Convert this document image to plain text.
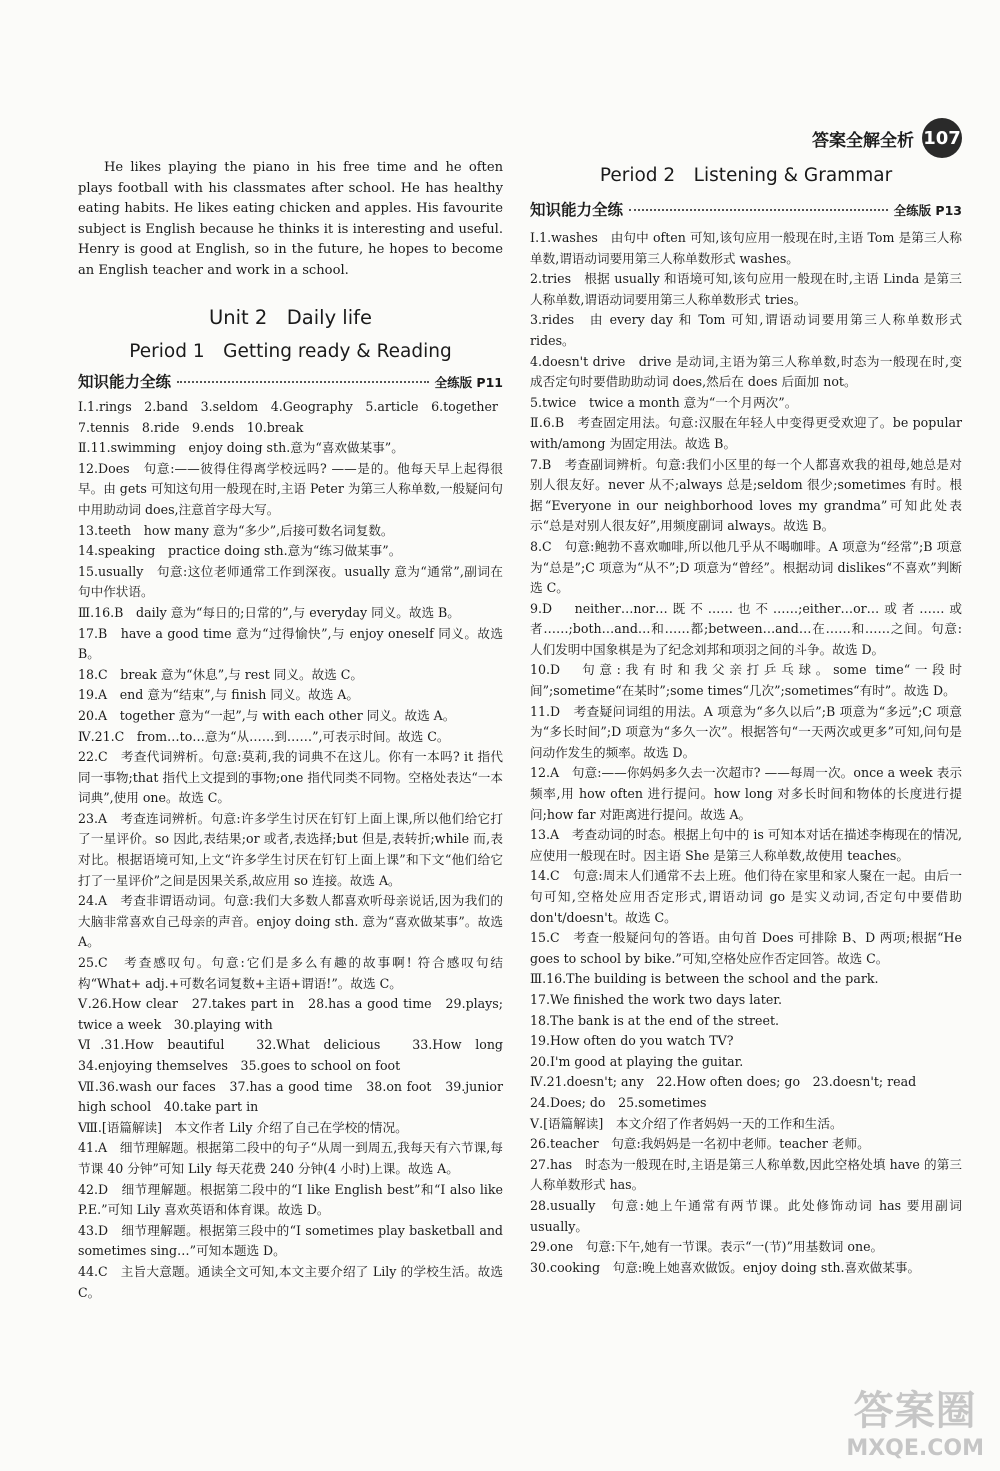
答案全解全析 107

He likes playing the piano in his free time and he often plays football with his classmates after school. He has healthy eating habits. He likes eating chicken and apples. His favourite subject is English because he thinks it is interesting and useful. Henry is good at English, so in the future, he hopes to become an English teacher and work in a school.

Unit 2　Daily life

Period 1　Getting ready & Reading

知识能力全练	全练版 P11

Ⅰ.1.rings　2.band　3.seldom　4.Geography　5.article　6.together

7.tennis　8.ride　9.ends　10.break

Ⅱ.11.swimming　enjoy doing sth.意为“喜欢做某事”。

12.Does　句意:——彼得住得离学校远吗? ——是的。他每天早上起得很早。由 gets 可知这句用一般现在时,主语 Peter 为第三人称单数,一般疑问句中用助动词 does,注意首字母大写。

13.teeth　how many 意为“多少”,后接可数名词复数。

14.speaking　practice doing sth.意为“练习做某事”。

15.usually　句意:这位老师通常工作到深夜。usually 意为“通常”,副词在句中作状语。

Ⅲ.16.B　daily 意为“每日的;日常的”,与 everyday 同义。故选 B。

17.B　have a good time 意为“过得愉快”,与 enjoy oneself 同义。故选 B。

18.C　break 意为“休息”,与 rest 同义。故选 C。

19.A　end 意为“结束”,与 finish 同义。故选 A。

20.A　together 意为“一起”,与 with each other 同义。故选 A。

Ⅳ.21.C　from…to…意为“从……到……”,可表示时间。故选 C。

22.C　考查代词辨析。句意:莫莉,我的词典不在这儿。你有一本吗? it 指代同一事物;that 指代上文提到的事物;one 指代同类不同物。空格处表达“一本词典”,使用 one。故选 C。

23.A　考查连词辨析。句意:许多学生讨厌在钉钉上面上课,所以他们给它打了一星评价。so 因此,表结果;or 或者,表选择;but 但是,表转折;while 而,表对比。根据语境可知,上文“许多学生讨厌在钉钉上面上课”和下文“他们给它打了一星评价”之间是因果关系,故应用 so 连接。故选 A。

24.A　考查非谓语动词。句意:我们大多数人都喜欢听母亲说话,因为我们的大脑非常喜欢自己母亲的声音。enjoy doing sth. 意为“喜欢做某事”。故选 A。

25.C　考查感叹句。句意:它们是多么有趣的故事啊! 符合感叹句结构“What+ adj.+可数名词复数+主语+谓语!”。故选 C。

Ⅴ.26.How clear　27.takes part in　28.has a good time　29.plays; twice a week　30.playing with

Ⅵ.31.How beautiful　32.What delicious　33.How long　34.enjoying themselves　35.goes to school on foot

Ⅶ.36.wash our faces　37.has a good time　38.on foot　39.junior high school　40.take part in

Ⅷ.[语篇解读]　本文作者 Lily 介绍了自己在学校的情况。

41.A　细节理解题。根据第二段中的句子“从周一到周五,我每天有六节课,每节课 40 分钟”可知 Lily 每天花费 240 分钟(4 小时)上课。故选 A。

42.D　细节理解题。根据第二段中的“I like English best”和“I also like P.E.”可知 Lily 喜欢英语和体育课。故选 D。

43.D　细节理解题。根据第三段中的“I sometimes play basketball and sometimes sing…”可知本题选 D。

44.C　主旨大意题。通读全文可知,本文主要介绍了 Lily 的学校生活。故选 C。

Period 2　Listening & Grammar

知识能力全练	全练版 P13

Ⅰ.1.washes　由句中 often 可知,该句应用一般现在时,主语 Tom 是第三人称单数,谓语动词要用第三人称单数形式 washes。

2.tries　根据 usually 和语境可知,该句应用一般现在时,主语 Linda 是第三人称单数,谓语动词要用第三人称单数形式 tries。

3.rides　由 every day 和 Tom 可知,谓语动词要用第三人称单数形式 rides。

4.doesn't drive　drive 是动词,主语为第三人称单数,时态为一般现在时,变成否定句时要借助助动词 does,然后在 does 后面加 not。

5.twice　twice a month 意为“一个月两次”。

Ⅱ.6.B　考查固定用法。句意:汉服在年轻人中变得更受欢迎了。be popular with/among 为固定用法。故选 B。

7.B　考查副词辨析。句意:我们小区里的每一个人都喜欢我的祖母,她总是对别人很友好。never 从不;always 总是;seldom 很少;sometimes 有时。根据“Everyone in our neighborhood loves my grandma”可知此处表示“总是对别人很友好”,用频度副词 always。故选 B。

8.C　句意:鲍勃不喜欢咖啡,所以他几乎从不喝咖啡。A 项意为“经常”;B 项意为“总是”;C 项意为“从不”;D 项意为“曾经”。根据动词 dislikes“不喜欢”判断选 C。

9.D　neither…nor…既不……也不……;either…or…或者……或者……;both…and…和……都;between…and…在……和……之间。句意:人们发明中国象棋是为了纪念刘邦和项羽之间的斗争。故选 D。

10.D　句意:我有时和我父亲打乒乓球。some time“一段时间”;sometime“在某时”;some times“几次”;sometimes“有时”。故选 D。

11.D　考查疑问词组的用法。A 项意为“多久以后”;B 项意为“多远”;C 项意为“多长时间”;D 项意为“多久一次”。根据答句“一天两次或更多”可知,问句是问动作发生的频率。故选 D。

12.A　句意:——你妈妈多久去一次超市? ——每周一次。once a week 表示频率,用 how often 进行提问。how long 对多长时间和物体的长度进行提问;how far 对距离进行提问。故选 A。

13.A　考查动词的时态。根据上句中的 is 可知本对话在描述李梅现在的情况,应使用一般现在时。因主语 She 是第三人称单数,故使用 teaches。

14.C　句意:周末人们通常不去上班。他们待在家里和家人聚在一起。由后一句可知,空格处应用否定形式,谓语动词 go 是实义动词,否定句中要借助 don't/doesn't。故选 C。

15.C　考查一般疑问句的答语。由句首 Does 可排除 B、D 两项;根据“He goes to school by bike.”可知,空格处应作否定回答。故选 C。

Ⅲ.16.The building is between the school and the park.

17.We finished the work two days later.

18.The bank is at the end of the street.

19.How often do you watch TV?

20.I'm good at playing the guitar.

Ⅳ.21.doesn't; any　22.How often does; go　23.doesn't; read

24.Does; do　25.sometimes

Ⅴ.[语篇解读]　本文介绍了作者妈妈一天的工作和生活。

26.teacher　句意:我妈妈是一名初中老师。teacher 老师。

27.has　时态为一般现在时,主语是第三人称单数,因此空格处填 have 的第三人称单数形式 has。

28.usually　句意:她上午通常有两节课。此处修饰动词 has 要用副词 usually。

29.one　句意:下午,她有一节课。表示“一(节)”用基数词 one。

30.cooking　句意:晚上她喜欢做饭。enjoy doing sth.喜欢做某事。

答案圈
MXQE.COM
